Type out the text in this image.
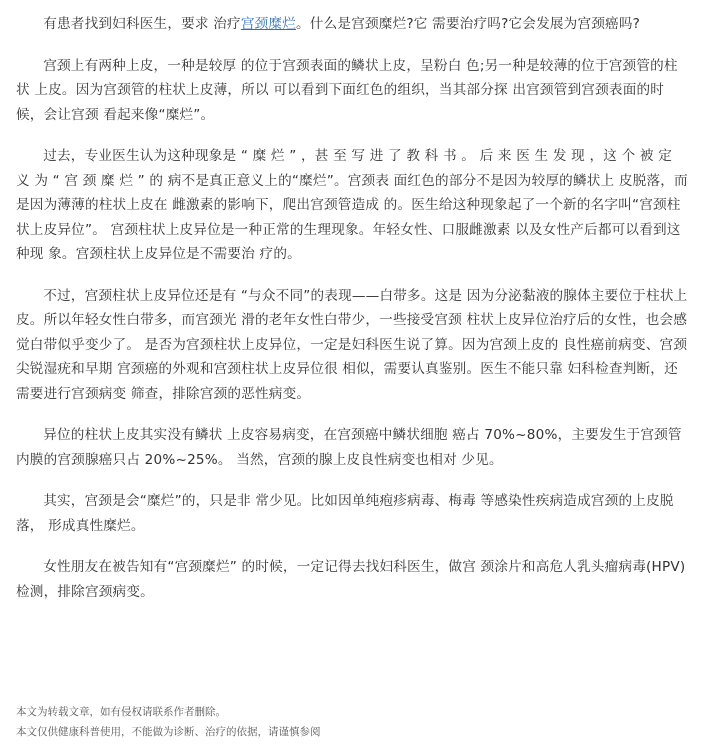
有患者找到妇科医生，要求 治疗宫颈糜烂。什么是宫颈糜烂?它 需要治疗吗?它会发展为宫颈癌吗?

宫颈上有两种上皮，一种是较厚 的位于宫颈表面的鳞状上皮，呈粉白 色;另一种是较薄的位于宫颈管的柱状 上皮。因为宫颈管的柱状上皮薄，所以 可以看到下面红色的组织，当其部分探 出宫颈管到宫颈表面的时候，会让宫颈 看起来像“糜烂”。

过去，专业医生认为这种现象是 “ 糜 烂 ” ，甚 至 写 进 了 教 科 书 。 后 来 医 生 发 现 ，这 个 被 定 义 为 “ 宫 颈 糜 烂 ” 的 病不是真正意义上的“糜烂”。宫颈表 面红色的部分不是因为较厚的鳞状上 皮脱落，而是因为薄薄的柱状上皮在 雌激素的影响下，爬出宫颈管造成 的。医生给这种现象起了一个新的名字叫“宫颈柱状上皮异位”。 宫颈柱状上皮异位是一种正常的生理现象。年轻女性、口服雌激素 以及女性产后都可以看到这种现 象。宫颈柱状上皮异位是不需要治 疗的。

不过，宫颈柱状上皮异位还是有 “与众不同”的表现——白带多。这是 因为分泌黏液的腺体主要位于柱状上 皮。所以年轻女性白带多，而宫颈光 滑的老年女性白带少，一些接受宫颈 柱状上皮异位治疗后的女性，也会感觉白带似乎变少了。 是否为宫颈柱状上皮异位，一定是妇科医生说了算。因为宫颈上皮的 良性癌前病变、宫颈尖锐湿疣和早期 宫颈癌的外观和宫颈柱状上皮异位很 相似，需要认真鉴别。医生不能只靠 妇科检查判断，还需要进行宫颈病变 筛查，排除宫颈的恶性病变。

异位的柱状上皮其实没有鳞状 上皮容易病变，在宫颈癌中鳞状细胞 癌占 70%~80%，主要发生于宫颈管 内膜的宫颈腺癌只占 20%~25%。 当然，宫颈的腺上皮良性病变也相对 少见。

其实，宫颈是会“糜烂”的，只是非 常少见。比如因单纯疱疹病毒、梅毒 等感染性疾病造成宫颈的上皮脱落， 形成真性糜烂。

女性朋友在被告知有“宫颈糜烂” 的时候，一定记得去找妇科医生，做宫 颈涂片和高危人乳头瘤病毒(HPV) 检测，排除宫颈病变。

本文为转载文章，如有侵权请联系作者删除。

本文仅供健康科普使用，不能做为诊断、治疗的依据，请谨慎参阅
